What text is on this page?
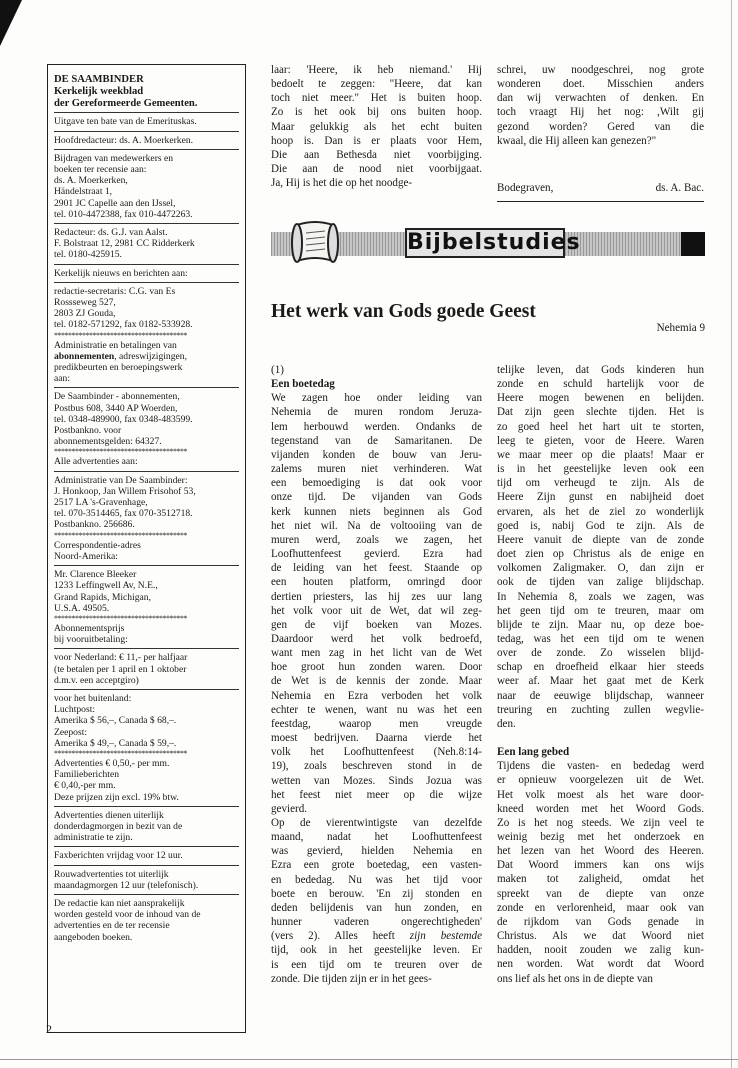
DE SAAMBINDER
Kerkelijk weekblad
der Gereformeerde Gemeenten.
Uitgave ten bate van de Emerituskas.
Hoofdredacteur: ds. A. Moerkerken.
Bijdragen van medewerkers en
boeken ter recensie aan:
ds. A. Moerkerken,
Händelstraat 1,
2901 JC Capelle aan den IJssel,
tel. 010-4472388, fax 010-4472263.
Redacteur: ds. G.J. van Aalst.
F. Bolstraat 12, 2981 CC Ridderkerk
tel. 0180-425915.
Kerkelijk nieuws en berichten aan:
redactie-secretaris: C.G. van Es
Rossseweg 527,
2803 ZJ Gouda,
tel. 0182-571292, fax 0182-533928.
**************************************
Administratie en betalingen van
abonnementen, adreswijzigingen,
predikbeurten en beroepingswerk
aan:
De Saambinder - abonnementen,
Postbus 608, 3440 AP Woerden,
tel. 0348-489900, fax 0348-483599.
Postbankno. voor
abonnementsgelden: 64327.
**************************************
Alle advertenties aan:
Administratie van De Saambinder:
J. Honkoop, Jan Willem Frisohof 53,
2517 LA 's-Gravenhage,
tel. 070-3514465, fax 070-3512718.
Postbankno. 256686.
**************************************
Correspondentie-adres
Noord-Amerika:
Mr. Clarence Bleeker
1233 Leffingwell Av, N.E.,
Grand Rapids, Michigan,
U.S.A. 49505.
**************************************
Abonnementsprijs
bij vooruitbetaling:
voor Nederland: € 11,- per halfjaar
(te betalen per 1 april en 1 oktober
d.m.v. een acceptgiro)
voor het buitenland:
Luchtpost:
Amerika $ 56,–, Canada $ 68,–.
Zeepost:
Amerika $ 49,–, Canada $ 59,–.
**************************************
Advertenties € 0,50,- per mm.
Familieberichten
€ 0,40,-per mm.
Deze prijzen zijn excl. 19% btw.
Advertenties dienen uiterlijk
donderdagmorgen in bezit van de
administratie te zijn.
Faxberichten vrijdag voor 12 uur.
Rouwadvertenties tot uiterlijk
maandagmorgen 12 uur (telefonisch).
De redactie kan niet aansprakelijk
worden gesteld voor de inhoud van de
advertenties en de ter recensie
aangeboden boeken.
laar: 'Heere, ik heb niemand.' Hij
bedoelt te zeggen: "Heere, dat kan
toch niet meer." Het is buiten hoop.
Zo is het ook bij ons buiten hoop.
Maar gelukkig als het echt buiten
hoop is. Dan is er plaats voor Hem,
Die aan Bethesda niet voorbijging.
Die aan de nood niet voorbijgaat.
Ja, Hij is het die op het noodge-
schrei, uw noodgeschrei, nog grote
wonderen doet. Misschien anders
dan wij verwachten of denken. En
toch vraagt Hij het nog: ,Wilt gij
gezond worden? Gered van die
kwaal, die Hij alleen kan genezen?"
Bodegraven,	ds. A. Bac.
Bijbelstudies
Het werk van Gods goede Geest
Nehemia 9
(1)
Een boetedag
We zagen hoe onder leiding van
Nehemia de muren rondom Jeruza-
lem herbouwd werden. Ondanks de
tegenstand van de Samaritanen. De
vijanden konden de bouw van Jeru-
zalems muren niet verhinderen. Wat
een bemoediging is dat ook voor
onze tijd. De vijanden van Gods
kerk kunnen niets beginnen als God
het niet wil. Na de voltooiing van de
muren werd, zoals we zagen, het
Loofhuttenfeest gevierd. Ezra had
de leiding van het feest. Staande op
een houten platform, omringd door
dertien priesters, las hij zes uur lang
het volk voor uit de Wet, dat wil zeg-
gen de vijf boeken van Mozes.
Daardoor werd het volk bedroefd,
want men zag in het licht van de Wet
hoe groot hun zonden waren. Door
de Wet is de kennis der zonde. Maar
Nehemia en Ezra verboden het volk
echter te wenen, want nu was het een
feestdag, waarop men vreugde
moest bedrijven. Daarna vierde het
volk het Loofhuttenfeest (Neh.8:14-
19), zoals beschreven stond in de
wetten van Mozes. Sinds Jozua was
het feest niet meer op die wijze
gevierd.
Op de vierentwintigste van dezelfde
maand, nadat het Loofhuttenfeest
was gevierd, hielden Nehemia en
Ezra een grote boetedag, een vasten-
en bededag. Nu was het tijd voor
boete en berouw. 'En zij stonden en
deden belijdenis van hun zonden, en
hunner vaderen ongerechtigheden'
(vers 2). Alles heeft zijn bestemde
tijd, ook in het geestelijke leven. Er
is een tijd om te treuren over de
zonde. Die tijden zijn er in het gees-
telijke leven, dat Gods kinderen hun
zonde en schuld hartelijk voor de
Heere mogen bewenen en belijden.
Dat zijn geen slechte tijden. Het is
zo goed heel het hart uit te storten,
leeg te gieten, voor de Heere. Waren
we maar meer op die plaats! Maar er
is in het geestelijke leven ook een
tijd om verheugd te zijn. Als de
Heere Zijn gunst en nabijheid doet
ervaren, als het de ziel zo wonderlijk
goed is, nabij God te zijn. Als de
Heere vanuit de diepte van de zonde
doet zien op Christus als de enige en
volkomen Zaligmaker. O, dan zijn er
ook de tijden van zalige blijdschap.
In Nehemia 8, zoals we zagen, was
het geen tijd om te treuren, maar om
blijde te zijn. Maar nu, op deze boe-
tedag, was het een tijd om te wenen
over de zonde. Zo wisselen blijd-
schap en droefheid elkaar hier steeds
weer af. Maar het gaat met de Kerk
naar de eeuwige blijdschap, wanneer
treuring en zuchting zullen wegvlie-
den.
Een lang gebed
Tijdens die vasten- en bededag werd
er opnieuw voorgelezen uit de Wet.
Het volk moest als het ware door-
kneed worden met het Woord Gods.
Zo is het nog steeds. We zijn veel te
weinig bezig met het onderzoek en
het lezen van het Woord des Heeren.
Dat Woord immers kan ons wijs
maken tot zaligheid, omdat het
spreekt van de diepte van onze
zonde en verlorenheid, maar ook van
de rijkdom van Gods genade in
Christus. Als we dat Woord niet
hadden, nooit zouden we zalig kun-
nen worden. Wat wordt dat Woord
ons lief als het ons in de diepte van
2
